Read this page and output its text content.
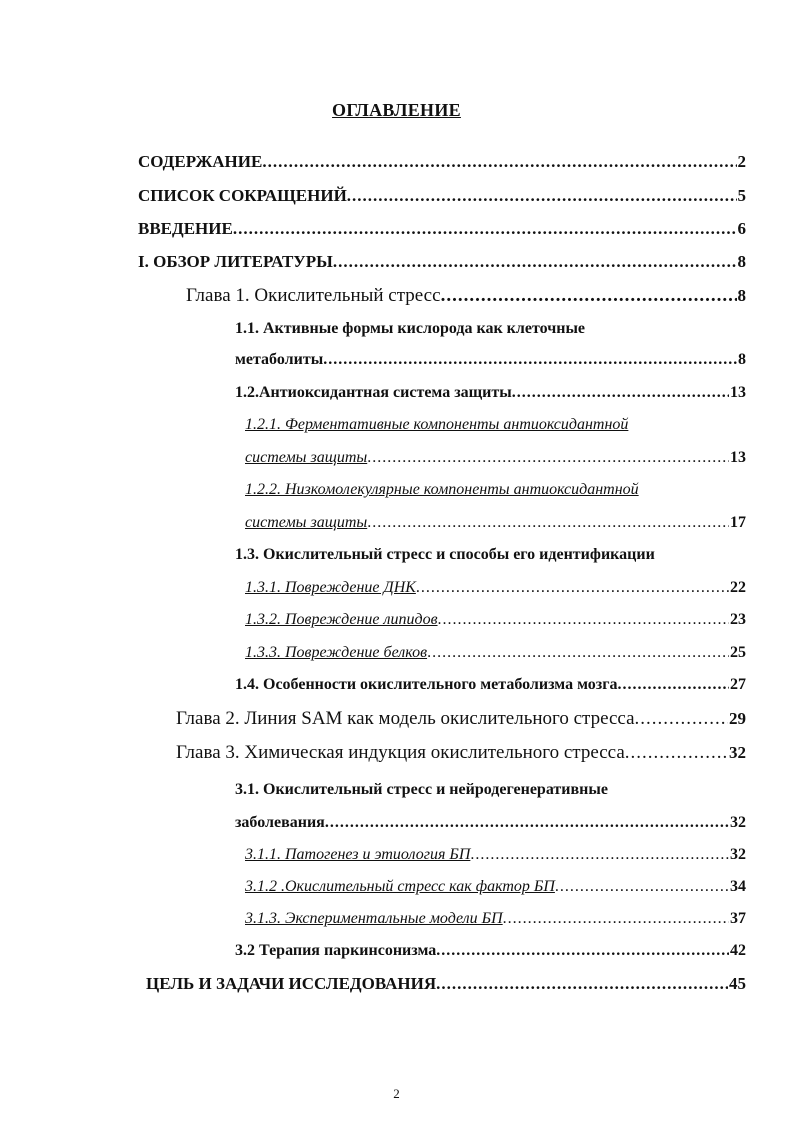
ОГЛАВЛЕНИЕ
СОДЕРЖАНИЕ .....	2
СПИСОК СОКРАЩЕНИЙ .....	5
ВВЕДЕНИЕ .....	6
I. ОБЗОР ЛИТЕРАТУРЫ .....	8
Глава 1. Окислительный стресс .....	8
1.1. Активные формы кислорода как клеточные
метаболиты .....	8
1.2.Антиоксидантная система защиты .....	13
1.2.1. Ферментативные компоненты антиоксидантной
системы защиты .....	13
1.2.2. Низкомолекулярные компоненты антиоксидантной
системы защиты .....	17
1.3. Окислительный стресс и способы его идентификации
1.3.1. Повреждение ДНК .....	22
1.3.2. Повреждение липидов .....	23
1.3.3. Повреждение белков .....	25
1.4. Особенности окислительного метаболизма мозга .....	27
Глава 2. Линия SAM как модель окислительного стресса .....	29
Глава 3. Химическая индукция окислительного стресса .....	32
3.1. Окислительный стресс и нейродегенеративные
заболевания .....	32
3.1.1. Патогенез и этиология БП .....	32
3.1.2 .Окислительный стресс как фактор БП .....	34
3.1.3. Экспериментальные модели БП .....	37
3.2 Терапия паркинсонизма .....	42
ЦЕЛЬ И ЗАДАЧИ ИССЛЕДОВАНИЯ .....	45
2
